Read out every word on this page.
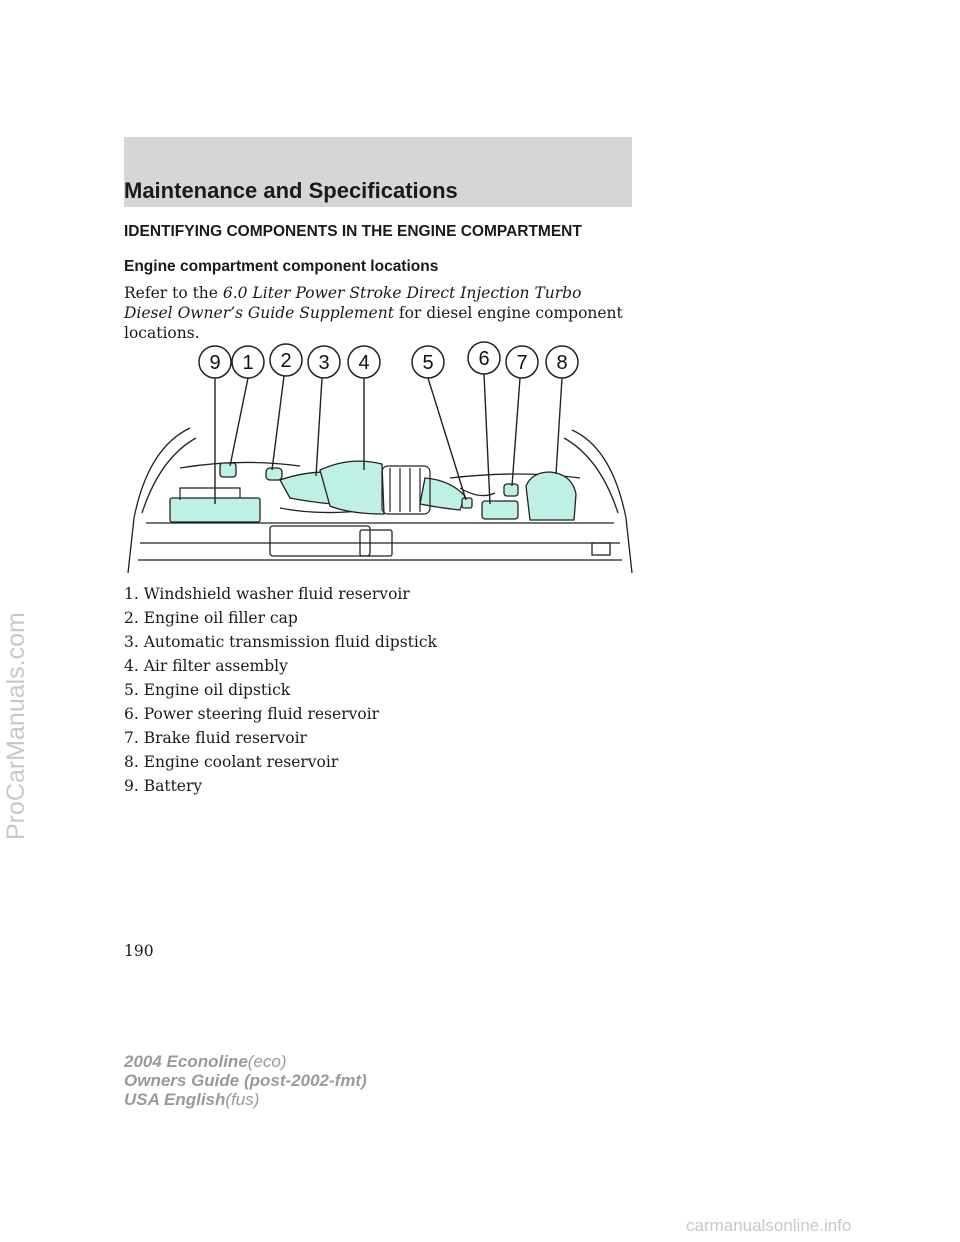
Maintenance and Specifications
IDENTIFYING COMPONENTS IN THE ENGINE COMPARTMENT
Engine compartment component locations

Refer to the 6.0 Liter Power Stroke Direct Injection Turbo Diesel Owner’s Guide Supplement for diesel engine component locations.

9 1 2 3 4	5 6 7 8
1. Windshield washer fluid reservoir
2. Engine oil filler cap
3. Automatic transmission fluid dipstick
4. Air filter assembly
5. Engine oil dipstick
6. Power steering fluid reservoir
7. Brake fluid reservoir
8. Engine coolant reservoir
9. Battery
190
2004 Econoline(eco)
Owners Guide (post-2002-fmt)
USA English(fus)
ProCarManuals.com
carmanualsonline.info
